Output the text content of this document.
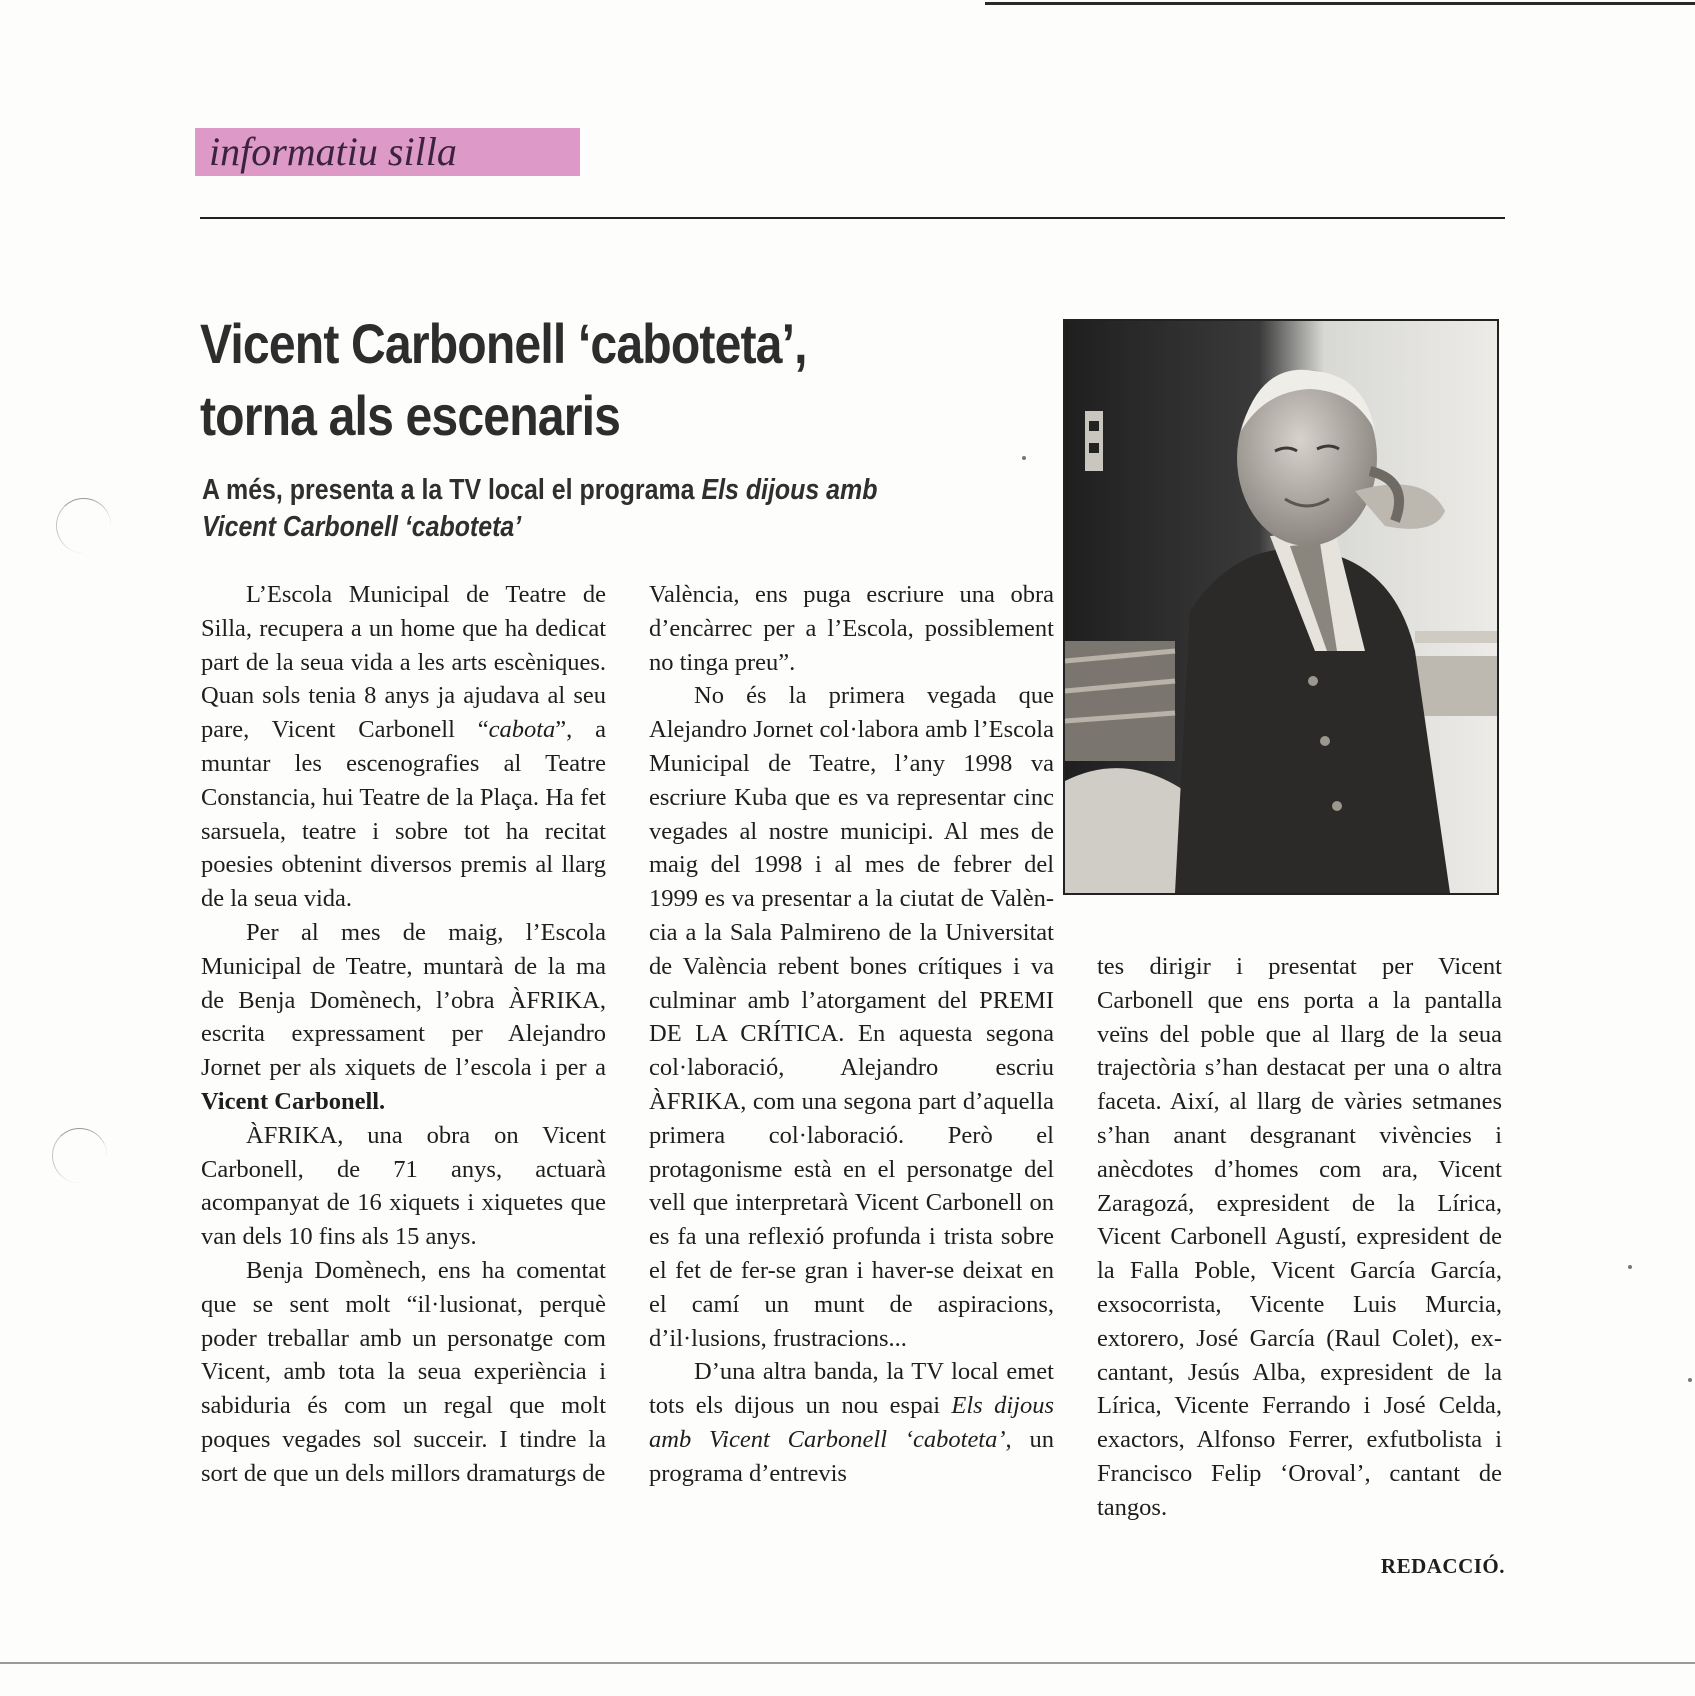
informatiu silla
Vicent Carbonell ‘caboteta’,
torna als escenaris

A més, presenta a la TV local el programa Els dijous amb Vicent Carbonell ‘caboteta’

L’Escola Municipal de Teatre de Silla, recupera a un home que ha dedicat part de la seua vida a les arts escèniques. Quan sols tenia 8 anys ja ajudava al seu pare, Vicent Carbonell “cabota”, a muntar les escenografies al Teatre Constancia, hui Teatre de la Plaça. Ha fet sarsuela, teatre i sobre tot ha recitat poesies obtenint diversos premis al llarg de la seua vida.

Per al mes de maig, l’Escola Municipal de Teatre, muntarà de la ma de Benja Domènech, l’obra ÀFRIKA, escrita expressament per Alejandro Jornet per als xiquets de l’escola i per a Vicent Carbonell.

ÀFRIKA, una obra on Vicent Carbonell, de 71 anys, actuarà acompanyat de 16 xiquets i xiquetes que van dels 10 fins als 15 anys.

Benja Domènech, ens ha comentat que se sent molt “il·lusionat, perquè poder treballar amb un personatge com Vicent, amb tota la seua experiència i sabiduria és com un regal que molt poques vegades sol succeir. I tindre la sort de que un dels millors dramaturgs de

València, ens puga escriure una obra d’encàrrec per a l’Escola, possiblement no tinga preu”.

No és la primera vegada que Alejandro Jornet col·labora amb l’Escola Municipal de Teatre, l’any 1998 va escriure Kuba que es va representar cinc vegades al nostre municipi. Al mes de maig del 1998 i al mes de febrer del 1999 es va presentar a la ciutat de València a la Sala Palmireno de la Universitat de València rebent bones crítiques i va culminar amb l’atorgament del PREMI DE LA CRÍTICA. En aquesta segona col·laboració, Alejandro escriu ÀFRIKA, com una segona part d’aquella primera col·laboració. Però el protagonisme està en el personatge del vell que interpretarà Vicent Carbonell on es fa una reflexió profunda i trista sobre el fet de fer-se gran i haver-se deixat en el camí un munt de aspiracions, d’il·lusions, frustracions...

D’una altra banda, la TV local emet tots els dijous un nou espai Els dijous amb Vicent Carbonell ‘caboteta’, un programa d’entrevis

tes dirigir i presentat per Vicent Carbonell que ens porta a la pantalla veïns del poble que al llarg de la seua trajectòria s’han destacat per una o altra faceta. Així, al llarg de vàries setmanes s’han anant desgranant vivències i anècdotes d’homes com ara, Vicent Zaragozá, expresident de la Lírica, Vicent Carbonell Agustí, expresident de la Falla Poble, Vicent García García, exsocorrista, Vicente Luis Murcia, extorero, José García (Raul Colet), excantant, Jesús Alba, expresident de la Lírica, Vicente Ferrando i José Celda, exactors, Alfonso Ferrer, exfutbolista i Francisco Felip ‘Oroval’, cantant de tangos.

REDACCIÓ.
